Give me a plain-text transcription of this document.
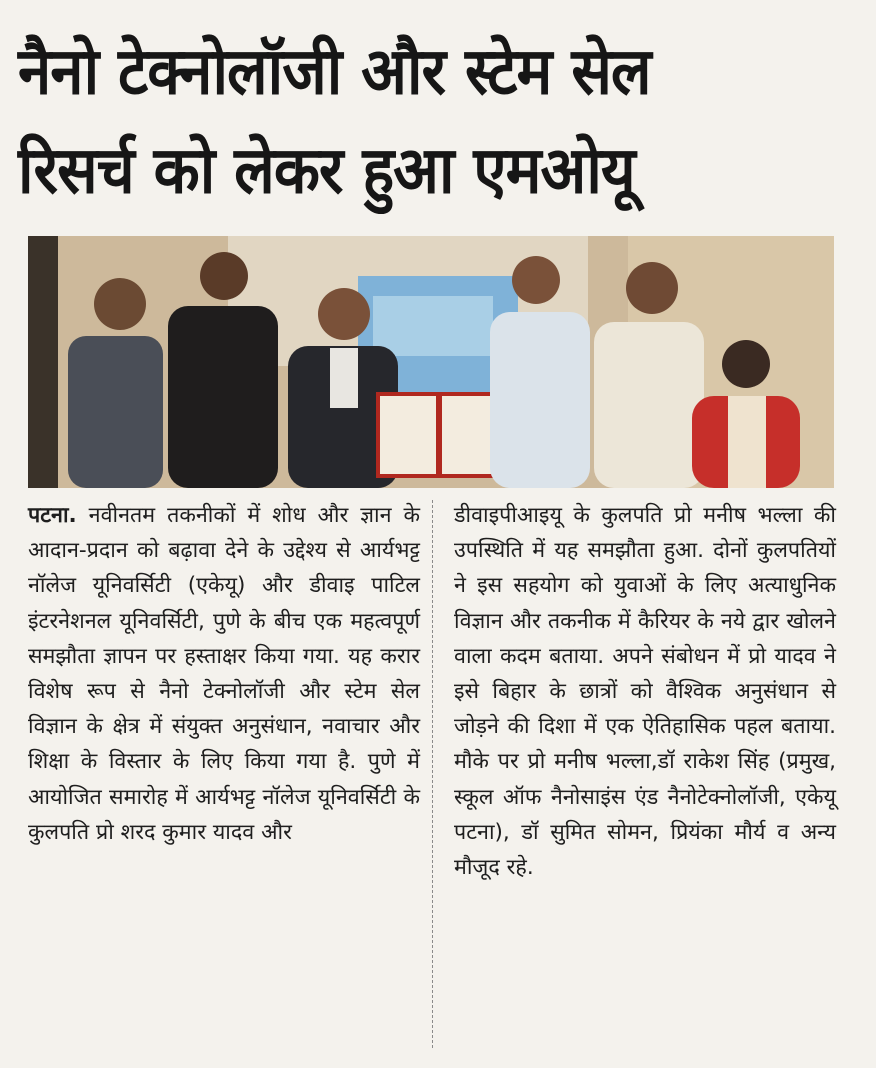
नैनो टेक्नोलॉजी और स्टेम सेल
रिसर्च को लेकर हुआ एमओयू
पटना. नवीनतम तकनीकों में शोध और ज्ञान के आदान-प्रदान को बढ़ावा देने के उद्देश्य से आर्यभट्ट नॉलेज यूनिवर्सिटी (एकेयू) और डीवाइ पाटिल इंटरनेशनल यूनिवर्सिटी, पुणे के बीच एक महत्वपूर्ण समझौता ज्ञापन पर हस्ताक्षर किया गया. यह करार विशेष रूप से नैनो टेक्नोलॉजी और स्टेम सेल विज्ञान के क्षेत्र में संयुक्त अनुसंधान, नवाचार और शिक्षा के विस्तार के लिए किया गया है. पुणे में आयोजित समारोह में आर्यभट्ट नॉलेज यूनिवर्सिटी के कुलपति प्रो शरद कुमार यादव और
डीवाइपीआइयू के कुलपति प्रो मनीष भल्ला की उपस्थिति में यह समझौता हुआ. दोनों कुलपतियों ने इस सहयोग को युवाओं के लिए अत्याधुनिक विज्ञान और तकनीक में कैरियर के नये द्वार खोलने वाला कदम बताया. अपने संबोधन में प्रो यादव ने इसे बिहार के छात्रों को वैश्विक अनुसंधान से जोड़ने की दिशा में एक ऐतिहासिक पहल बताया. मौके पर प्रो मनीष भल्ला,डॉ राकेश सिंह (प्रमुख, स्कूल ऑफ नैनोसाइंस एंड नैनोटेक्नोलॉजी, एकेयू पटना), डॉ सुमित सोमन, प्रियंका मौर्य व अन्य मौजूद रहे.
